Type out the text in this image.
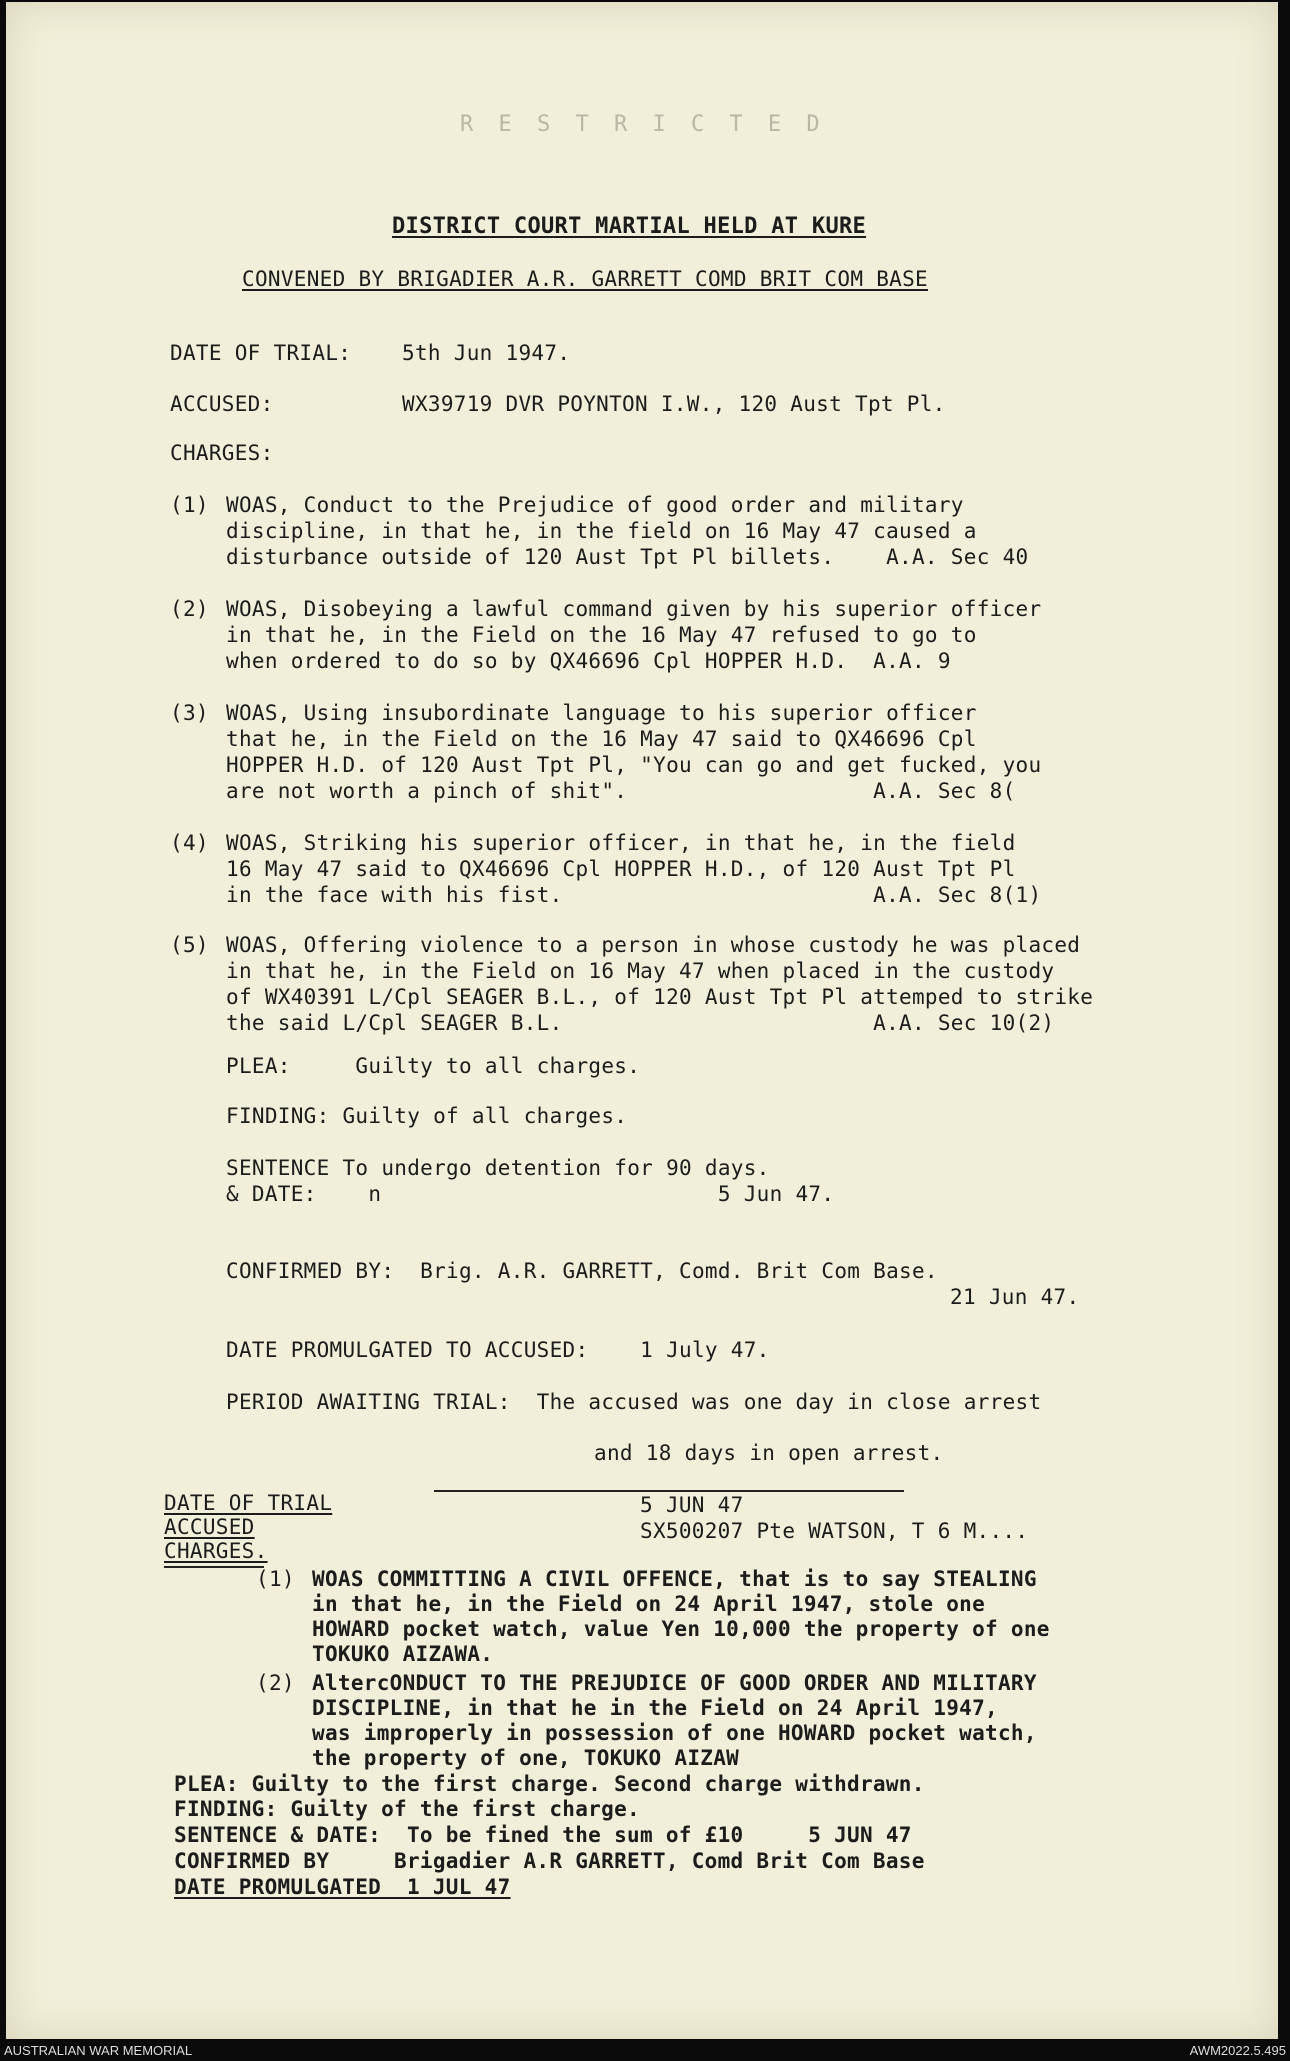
R E S T R I C T E D
DISTRICT COURT MARTIAL HELD AT KURE
CONVENED BY BRIGADIER A.R. GARRETT COMD BRIT COM BASE
DATE OF TRIAL: 5th Jun 1947.
ACCUSED:	WX39719 DVR POYNTON I.W., 120 Aust Tpt Pl.
CHARGES:
(1) WOAS, Conduct to the Prejudice of good order and military
discipline, in that he, in the field on 16 May 47 caused a
disturbance outside of 120 Aust Tpt Pl billets.    A.A. Sec 40
(2) WOAS, Disobeying a lawful command given by his superior officer
in that he, in the Field on the 16 May 47 refused to go to
when ordered to do so by QX46696 Cpl HOPPER H.D.  A.A. 9
(3) WOAS, Using insubordinate language to his superior officer
that he, in the Field on the 16 May 47 said to QX46696 Cpl
HOPPER H.D. of 120 Aust Tpt Pl, "You can go and get fucked, you
are not worth a pinch of shit".                   A.A. Sec 8(
(4) WOAS, Striking his superior officer, in that he, in the field
16 May 47 said to QX46696 Cpl HOPPER H.D., of 120 Aust Tpt Pl
in the face with his fist.                        A.A. Sec 8(1)
(5) WOAS, Offering violence to a person in whose custody he was placed
in that he, in the Field on 16 May 47 when placed in the custody
of WX40391 L/Cpl SEAGER B.L., of 120 Aust Tpt Pl attemped to strike
the said L/Cpl SEAGER B.L.                        A.A. Sec 10(2)
PLEA:     Guilty to all charges.
FINDING: Guilty of all charges.
SENTENCE To undergo detention for 90 days.
& DATE:    n                          5 Jun 47.
CONFIRMED BY:  Brig. A.R. GARRETT, Comd. Brit Com Base.
21 Jun 47.
DATE PROMULGATED TO ACCUSED:    1 July 47.
PERIOD AWAITING TRIAL:  The accused was one day in close arrest
and 18 days in open arrest.
DATE OF TRIAL
ACCUSED
CHARGES.
5 JUN 47
SX500207 Pte WATSON, T 6 M....
(1) WOAS COMMITTING A CIVIL OFFENCE, that is to say STEALING
in that he, in the Field on 24 April 1947, stole one
HOWARD pocket watch, value Yen 10,000 the property of one
TOKUKO AIZAWA.
(2) AltercONDUCT TO THE PREJUDICE OF GOOD ORDER AND MILITARY
DISCIPLINE, in that he in the Field on 24 April 1947,
was improperly in possession of one HOWARD pocket watch,
the property of one, TOKUKO AIZAW
PLEA: Guilty to the first charge. Second charge withdrawn.
FINDING: Guilty of the first charge.
SENTENCE & DATE:  To be fined the sum of £10     5 JUN 47
CONFIRMED BY     Brigadier A.R GARRETT, Comd Brit Com Base
DATE PROMULGATED  1 JUL 47
AUSTRALIAN WAR MEMORIAL	AWM2022.5.495
